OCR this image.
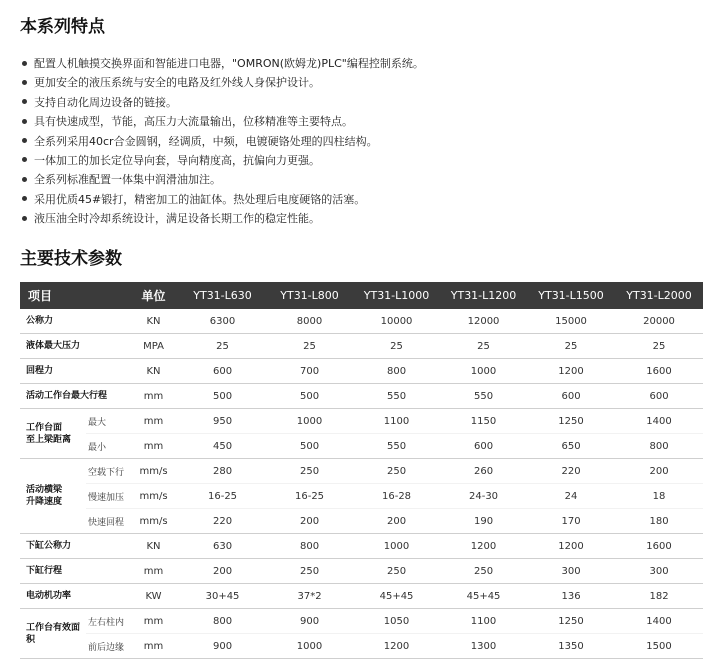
本系列特点
配置人机触摸交换界面和智能进口电器，"OMRON(欧姆龙)PLC"编程控制系统。
更加安全的液压系统与安全的电路及红外线人身保护设计。
支持自动化周边设备的链接。
具有快速成型，节能，高压力大流量输出，位移精准等主要特点。
全系列采用40cr合金圆钢，经调质，中频，电镀硬铬处理的四柱结构。
一体加工的加长定位导向套，导向精度高，抗偏向力更强。
全系列标准配置一体集中润滑油加注。
采用优质45#锻打，精密加工的油缸体。热处理后电度硬铬的活塞。
液压油全时冷却系统设计，满足设备长期工作的稳定性能。
主要技术参数
项目		单位	YT31-L630	YT31-L800	YT31-L1000	YT31-L1200	YT31-L1500	YT31-L2000
公称力		KN	6300	8000	10000	12000	15000	20000
液体最大压力		MPA	25	25	25	25	25	25
回程力		KN	600	700	800	1000	1200	1600
活动工作台最大行程		mm	500	500	550	550	600	600
工作台面
至上梁距离	最大	mm	950	1000	1100	1150	1250	1400
	最小	mm	450	500	550	600	650	800
活动横梁
升降速度	空载下行	mm/s	280	250	250	260	220	200
	慢速加压	mm/s	16-25	16-25	16-28	24-30	24	18
	快速回程	mm/s	220	200	200	190	170	180
下缸公称力		KN	630	800	1000	1200	1200	1600
下缸行程		mm	200	250	250	250	300	300
电动机功率		KW	30+45	37*2	45+45	45+45	136	182
工作台有效面积	左右柱内	mm	800	900	1050	1100	1250	1400
	前后边缘	mm	900	1000	1200	1300	1350	1500
